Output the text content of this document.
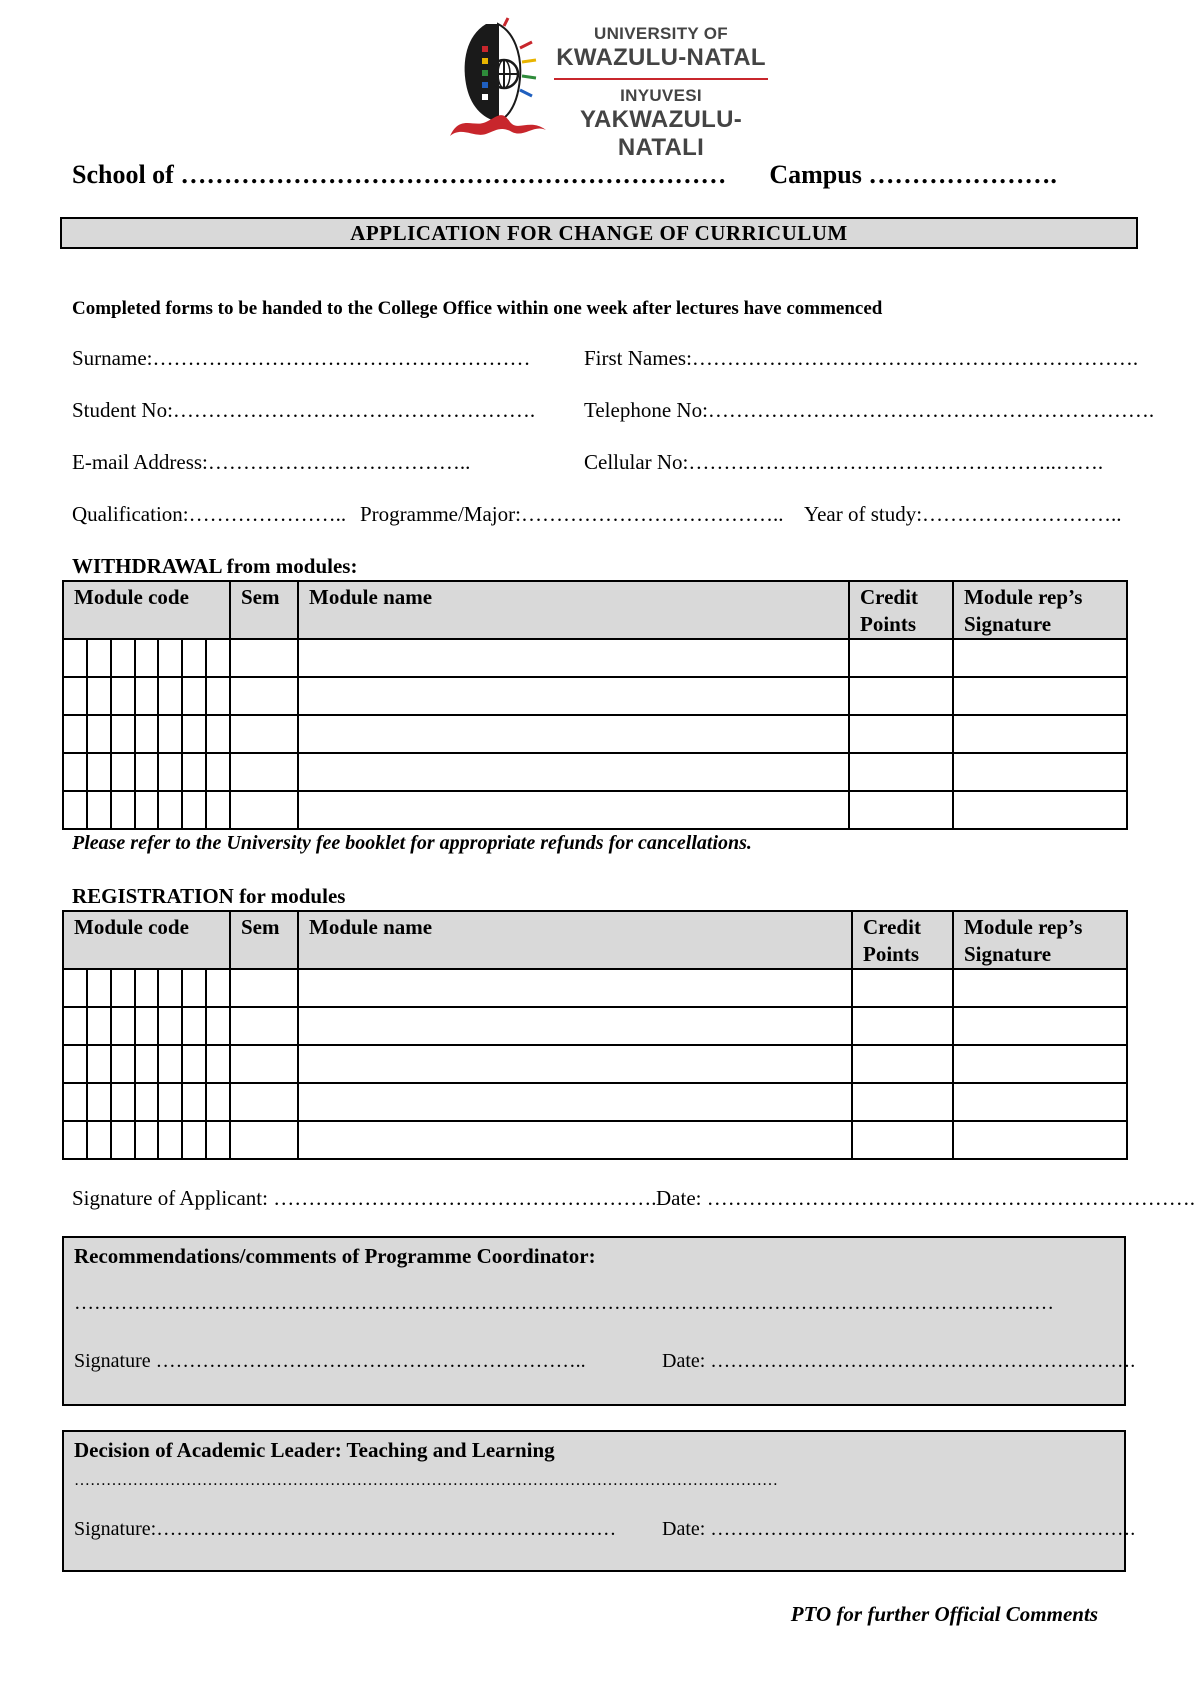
UNIVERSITY OF
KWAZULU-NATAL
INYUVESI
YAKWAZULU-NATALI
School of ……………………………………………………… Campus ………………….
APPLICATION FOR CHANGE OF CURRICULUM
Completed forms to be handed to the College Office within one week after lectures have commenced
Surname:………………………………………………	First Names:……………………………………………………….
Student No:……………………………………………. Telephone No:……………………………………………………….
E-mail Address:………………………………..	Cellular No:……………………………………………..…….
Qualification:………………….. Programme/Major:……………………………….. Year of study:………………………..
WITHDRAWAL from modules:
Module code	Sem	Module name	Credit Points	Module rep’s Signature

Please refer to the University fee booklet for appropriate refunds for cancellations.
REGISTRATION for modules
Module code	Sem	Module name	Credit Points	Module rep’s Signature

Signature of Applicant: ………………………………………………. Date: …………………………………………………………….
Recommendations/comments of Programme Coordinator:
…………………………………………………………………………………………………………………………………
Signature ………………………………………………………..	Date: ……………………………………………………….
Decision of Academic Leader: Teaching and Learning
……………………………………………………………………………………………………………………
Signature:…………………………………………………………… Date: ……………………………………………………….
PTO for further Official Comments
